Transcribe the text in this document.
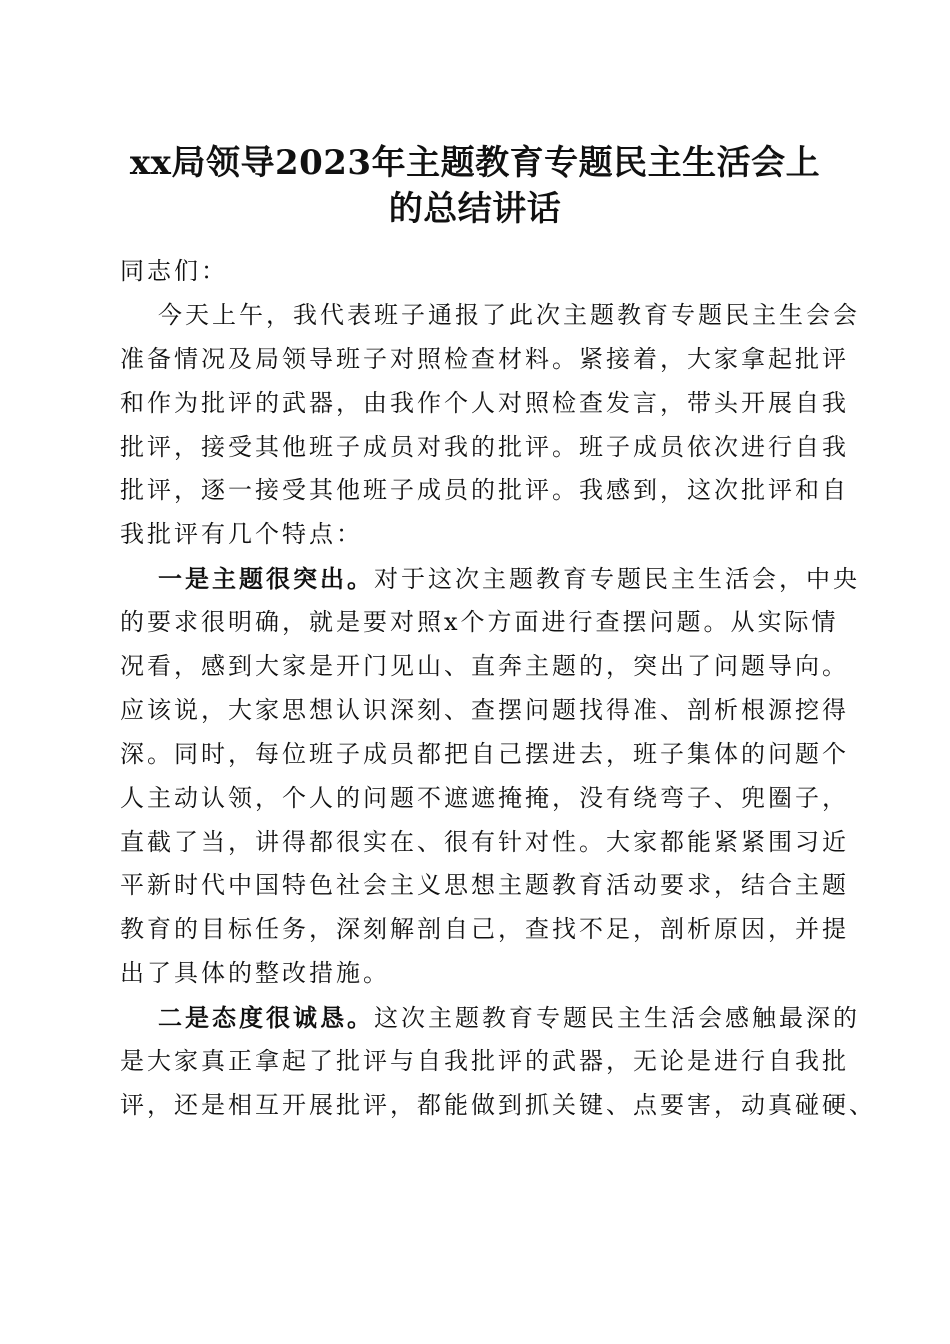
xx局领导2023年主题教育专题民主生活会上
的总结讲话
同志们：
今天上午，我代表班子通报了此次主题教育专题民主生会会
准备情况及局领导班子对照检查材料。紧接着，大家拿起批评
和作为批评的武器，由我作个人对照检查发言，带头开展自我
批评，接受其他班子成员对我的批评。班子成员依次进行自我
批评，逐一接受其他班子成员的批评。我感到，这次批评和自
我批评有几个特点：
一是主题很突出。对于这次主题教育专题民主生活会，中央
的要求很明确，就是要对照x个方面进行查摆问题。从实际情
况看，感到大家是开门见山、直奔主题的，突出了问题导向。
应该说，大家思想认识深刻、查摆问题找得准、剖析根源挖得
深。同时，每位班子成员都把自己摆进去，班子集体的问题个
人主动认领，个人的问题不遮遮掩掩，没有绕弯子、兜圈子，
直截了当，讲得都很实在、很有针对性。大家都能紧紧围习近
平新时代中国特色社会主义思想主题教育活动要求，结合主题
教育的目标任务，深刻解剖自己，查找不足，剖析原因，并提
出了具体的整改措施。
二是态度很诚恳。这次主题教育专题民主生活会感触最深的
是大家真正拿起了批评与自我批评的武器，无论是进行自我批
评，还是相互开展批评，都能做到抓关键、点要害，动真碰硬、
